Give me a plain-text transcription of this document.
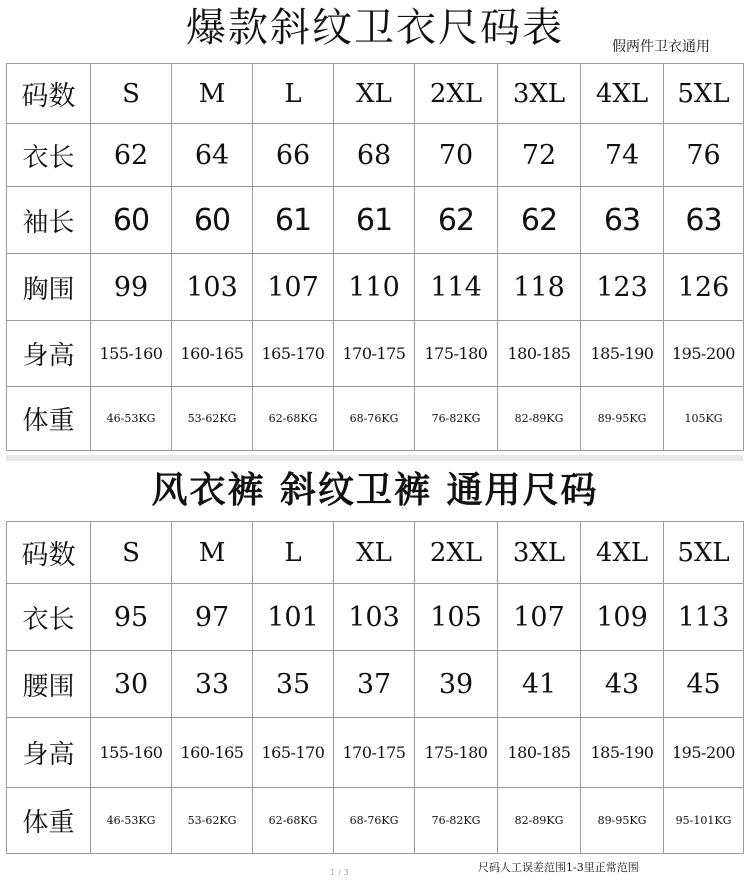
爆款斜纹卫衣尺码表	假两件卫衣通用
码数	S	M	L	XL	2XL	3XL	4XL	5XL
衣长	62	64	66	68	70	72	74	76
袖长	60	60	61	61	62	62	63	63
胸围	99	103	107	110	114	118	123	126
身高	155-160	160-165	165-170	170-175	175-180	180-185	185-190	195-200
体重	46-53KG	53-62KG	62-68KG	68-76KG	76-82KG	82-89KG	89-95KG	105KG
风衣裤 斜纹卫裤 通用尺码
码数	S	M	L	XL	2XL	3XL	4XL	5XL
衣长	95	97	101	103	105	107	109	113
腰围	30	33	35	37	39	41	43	45
身高	155-160	160-165	165-170	170-175	175-180	180-185	185-190	195-200
体重	46-53KG	53-62KG	62-68KG	68-76KG	76-82KG	82-89KG	89-95KG	95-101KG
1/3	尺码人工误差范围1-3里正常范围
